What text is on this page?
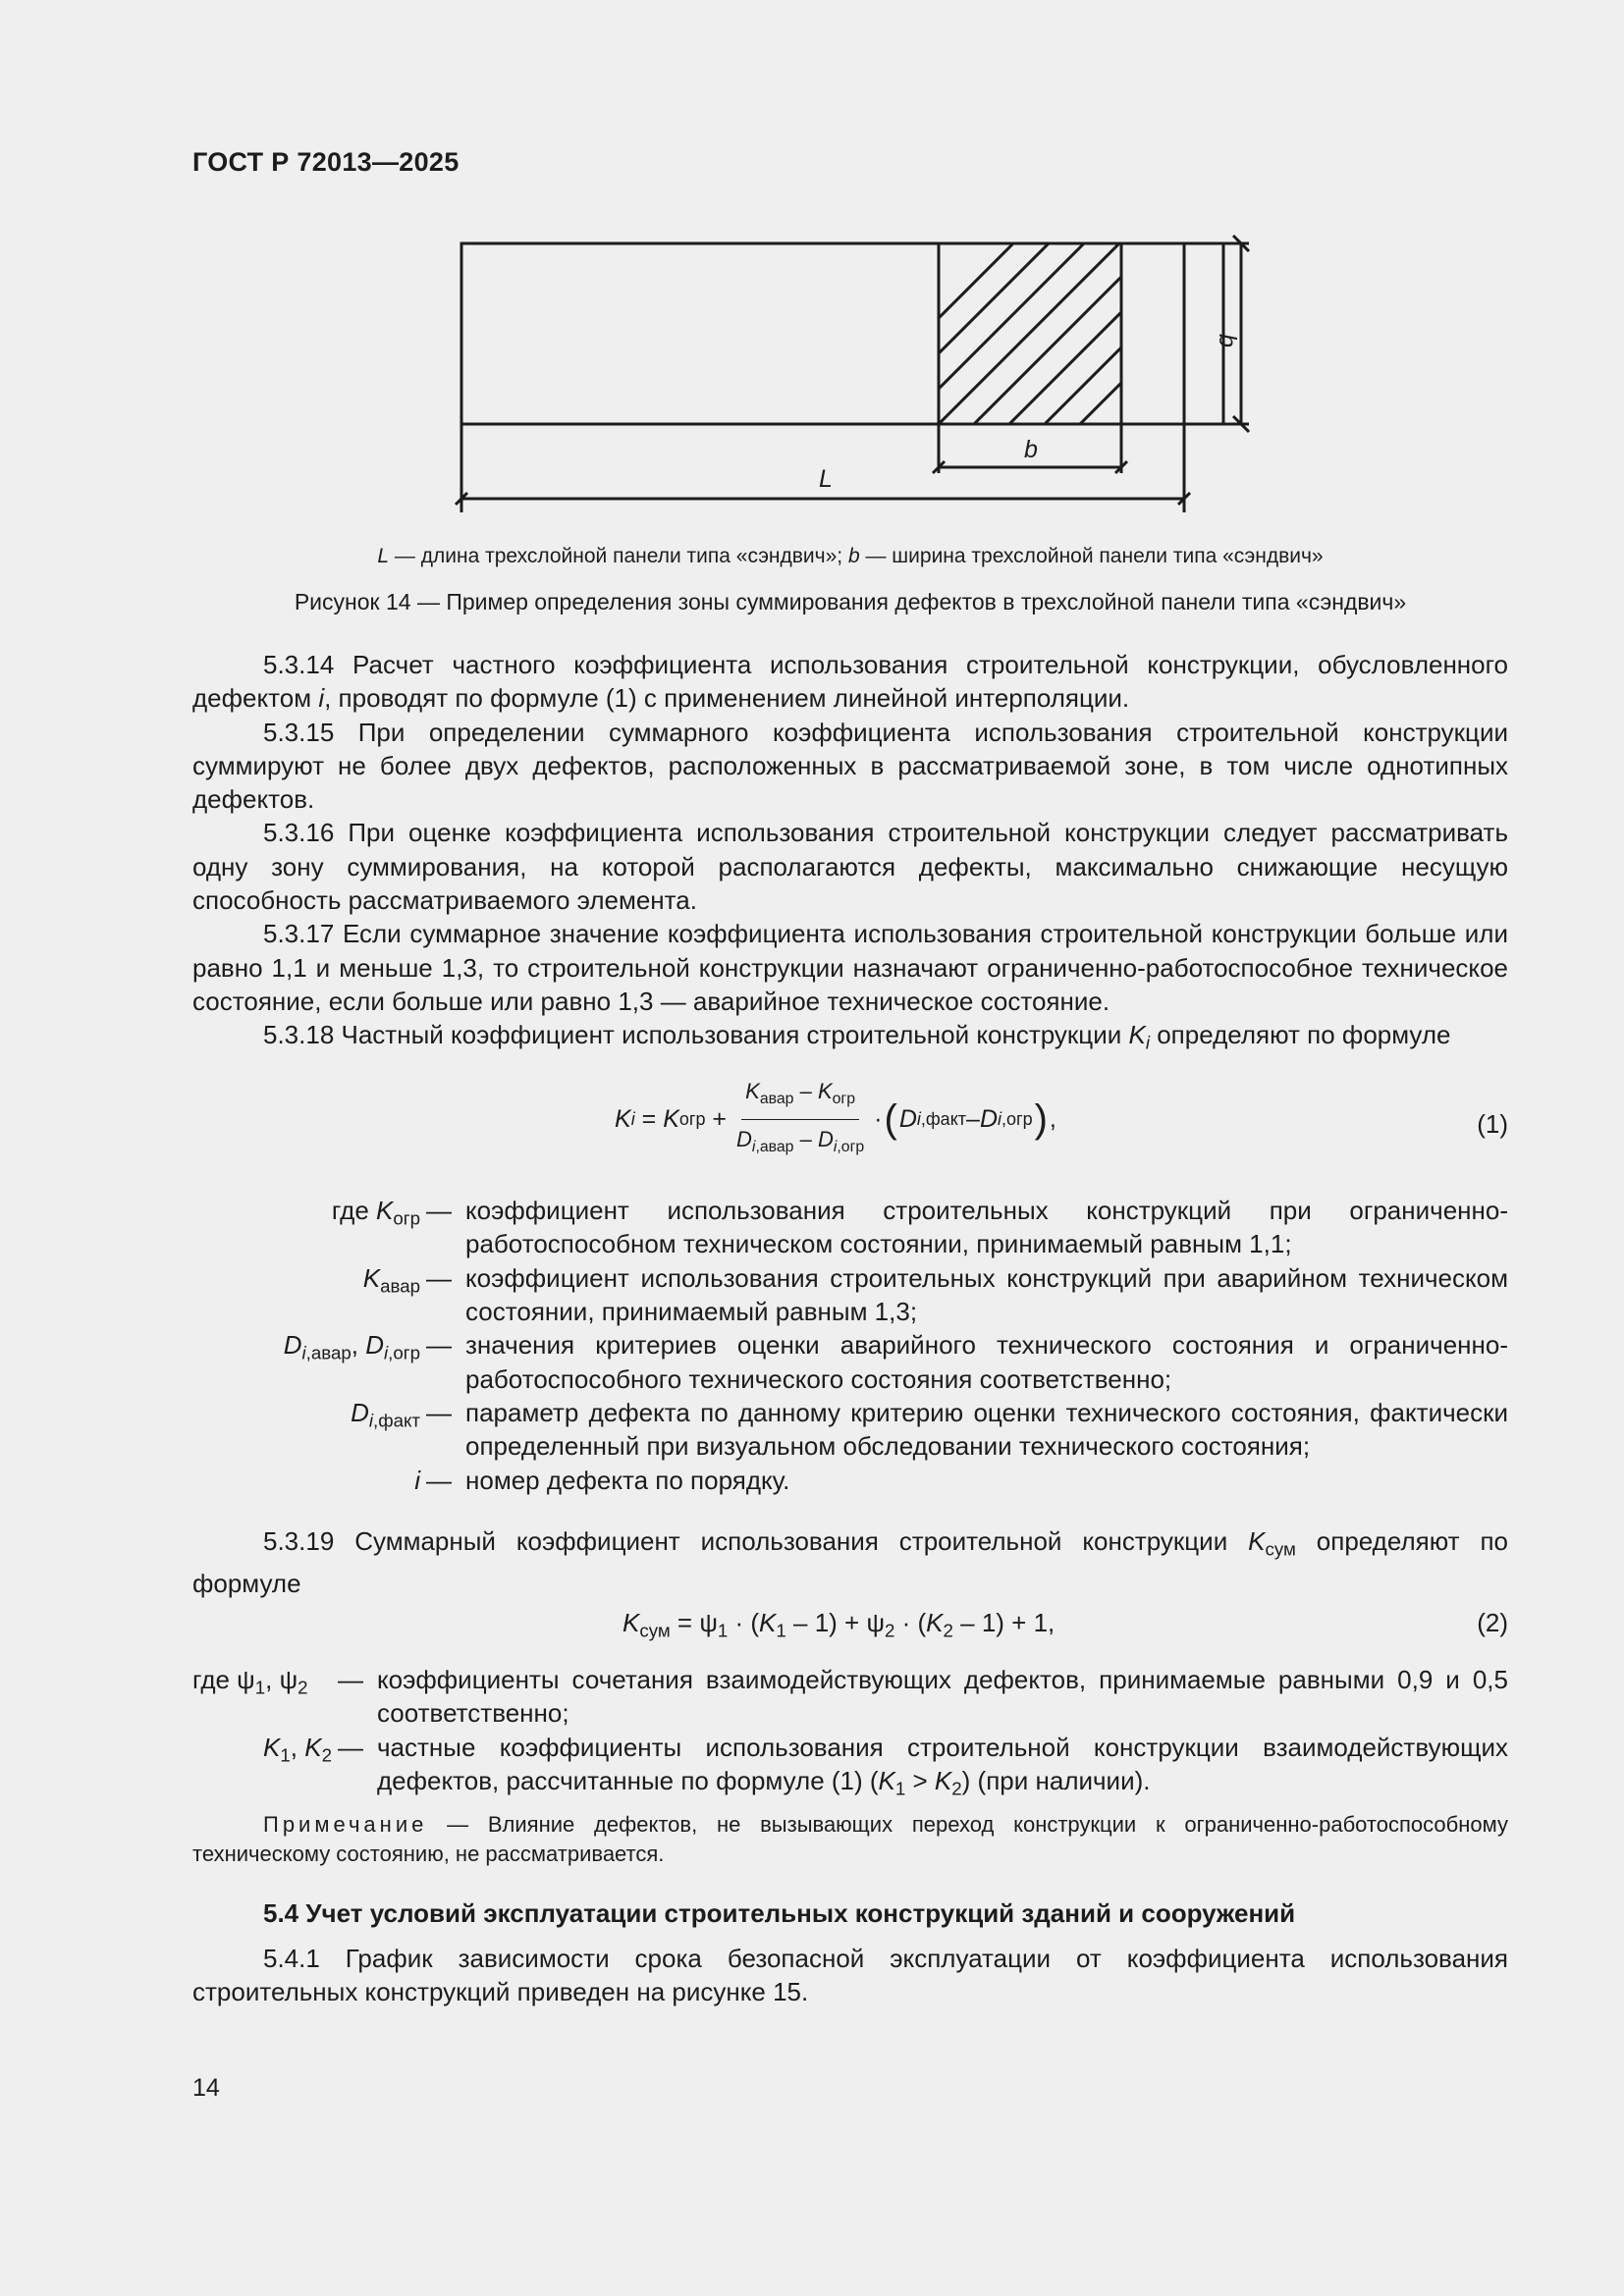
ГОСТ Р 72013—2025
L
b
b
L — длина трехслойной панели типа «сэндвич»; b — ширина трехслойной панели типа «сэндвич»
Рисунок 14 — Пример определения зоны суммирования дефектов в трехслойной панели типа «сэндвич»

5.3.14 Расчет частного коэффициента использования строительной конструкции, обусловленного дефектом i, проводят по формуле (1) с применением линейной интерполяции.

5.3.15 При определении суммарного коэффициента использования строительной конструкции суммируют не более двух дефектов, расположенных в рассматриваемой зоне, в том числе однотипных дефектов.

5.3.16 При оценке коэффициента использования строительной конструкции следует рассматривать одну зону суммирования, на которой располагаются дефекты, максимально снижающие несущую способность рассматриваемого элемента.

5.3.17 Если суммарное значение коэффициента использования строительной конструкции больше или равно 1,1 и меньше 1,3, то строительной конструкции назначают ограниченно-работоспособное техническое состояние, если больше или равно 1,3 — аварийное техническое состояние.

5.3.18 Частный коэффициент использования строительной конструкции $K_i$ определяют по формуле

K i = K огр + $\frac{K_{авар} - K_{огр}}{D_{i,авар} - D_{i,огр}}$ · ( D i,факт – D i,огр ) ,	(1)
где $K_{огр}$ — коэффициент использования строительных конструкций при ограниченно-работоспособном техническом состоянии, принимаемый равным 1,1;
$K_{авар}$ — коэффициент использования строительных конструкций при аварийном техническом состоянии, принимаемый равным 1,3;
$D_{i,авар}$, $D_{i,огр}$ — значения критериев оценки аварийного технического состояния и ограниченно-работоспособного технического состояния соответственно;
$D_{i,факт}$ — параметр дефекта по данному критерию оценки технического состояния, фактически определенный при визуальном обследовании технического состояния;
i — номер дефекта по порядку.

5.3.19 Суммарный коэффициент использования строительной конструкции $K_{сум}$ определяют по формуле

$K_{сум} = \psi_1 \cdot (K_1 - 1) + \psi_2 \cdot (K_2 - 1) + 1$,	(2)
где $\psi_1$, $\psi_2$	— коэффициенты сочетания взаимодействующих дефектов, принимаемые равными 0,9 и 0,5 соответственно;
$K_1$, $K_2$ — частные коэффициенты использования строительной конструкции взаимодействующих дефектов, рассчитанные по формуле (1) $(K_1 > K_2)$ (при наличии).

Примечание — Влияние дефектов, не вызывающих переход конструкции к ограниченно-работоспособному техническому состоянию, не рассматривается.

5.4 Учет условий эксплуатации строительных конструкций зданий и сооружений

5.4.1 График зависимости срока безопасной эксплуатации от коэффициента использования строительных конструкций приведен на рисунке 15.

14
